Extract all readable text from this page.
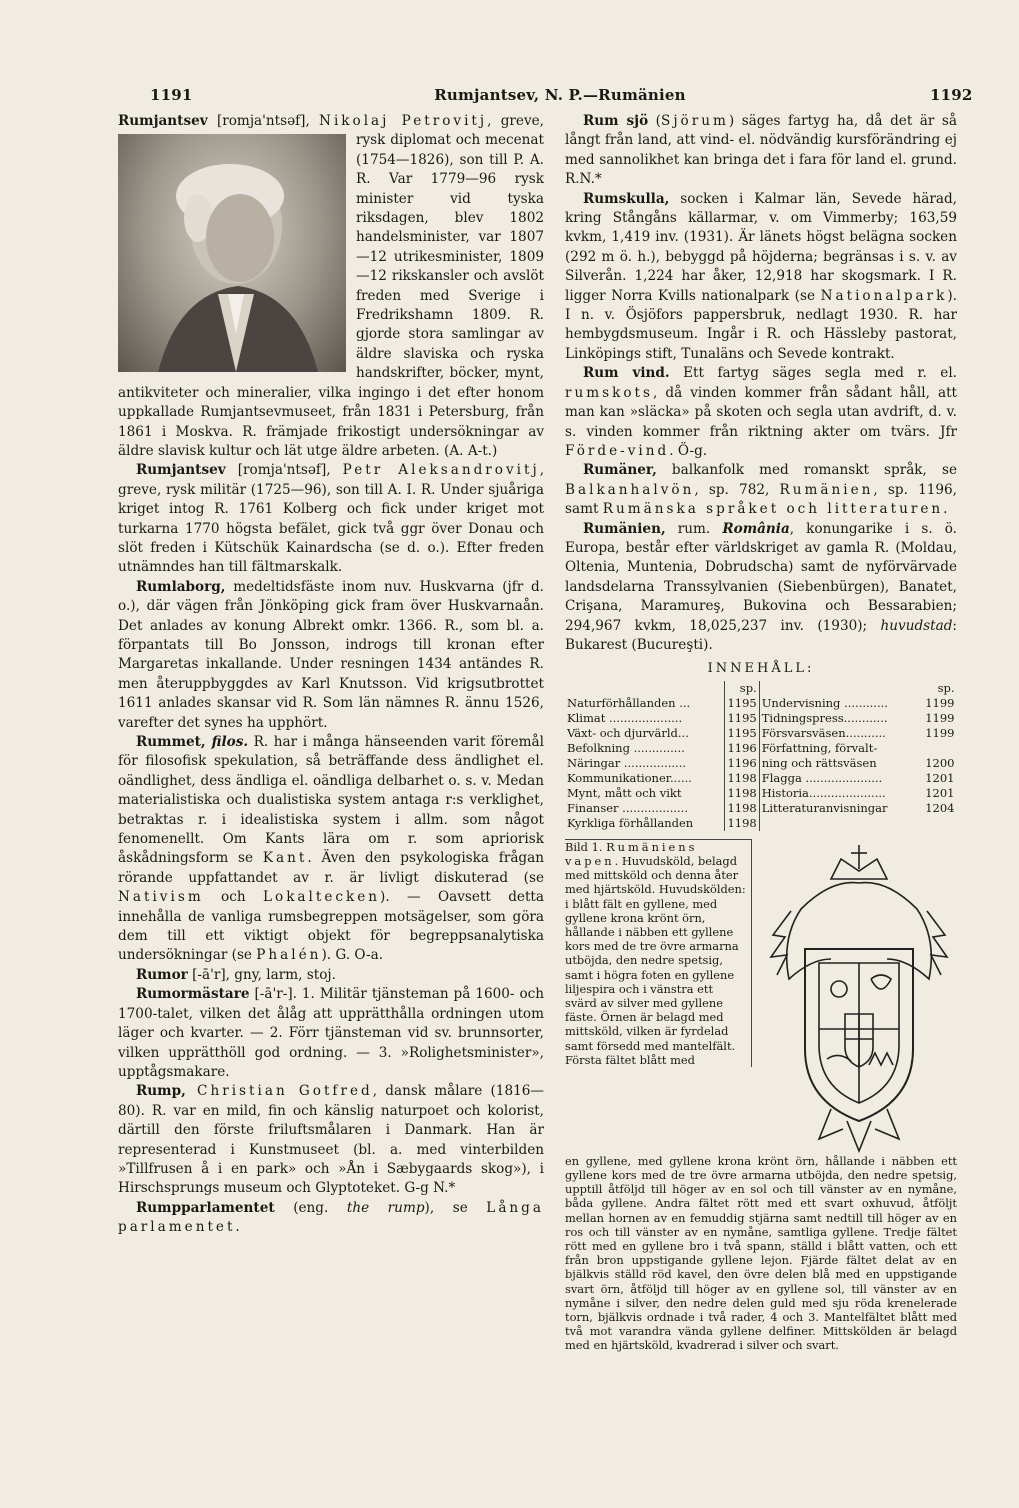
1191	Rumjantsev, N. P.—Rumänien	1192

Rumjantsev [romja'ntsəf], Nikolaj Petrovitj
, greve, rysk diplomat och mecenat (1754—1826), son till P. A. R. Var 1779—96 rysk minister vid tyska riksdagen, blev 1802 handelsminister, var 1807—12 utrikesminister, 1809—12 rikskansler och avslöt freden med Sverige i Fredrikshamn 1809. R. gjorde stora samlingar av äldre slaviska och ryska handskrifter, böcker, mynt, antikviteter och mineralier, vilka ingingo i det efter honom uppkallade Rumjantsevmuseet, från 1831 i Petersburg, från 1861 i Moskva. R. främjade frikostigt undersökningar av äldre slavisk kultur och lät utge äldre arbeten. (A. A-t.)

Rumjantsev [romja'ntsəf], Petr Aleksandrovitj, greve, rysk militär (1725—96), son till A. I. R. Under sjuåriga kriget intog R. 1761 Kolberg och fick under kriget mot turkarna 1770 högsta befälet, gick två ggr över Donau och slöt freden i Kütschük Kainardscha (se d. o.). Efter freden utnämndes han till fältmarskalk.

Rumlaborg, medeltidsfäste inom nuv. Huskvarna (jfr d. o.), där vägen från Jönköping gick fram över Huskvarnaån. Det anlades av konung Albrekt omkr. 1366. R., som bl. a. förpantats till Bo Jonsson, indrogs till kronan efter Margaretas inkallande. Under resningen 1434 antändes R. men återuppbyggdes av Karl Knutsson. Vid krigsutbrottet 1611 anlades skansar vid R. Som län nämnes R. ännu 1526, varefter det synes ha upphört.

Rummet, filos. R. har i många hänseenden varit föremål för filosofisk spekulation, så beträffande dess ändlighet el. oändlighet, dess ändliga el. oändliga delbarhet o. s. v. Medan materialistiska och dualistiska system antaga r:s verklighet, betraktas r. i idealistiska system i allm. som något fenomenellt. Om Kants lära om r. som apriorisk åskådningsform se Kant. Även den psykologiska frågan rörande uppfattandet av r. är livligt diskuterad (se Nativism och Lokaltecken). — Oavsett detta innehålla de vanliga rumsbegreppen motsägelser, som göra dem till ett viktigt objekt för begreppsanalytiska undersökningar (se Phalén). G. O-a.

Rumor [-ā'r], gny, larm, stoj.

Rumormästare [-ā'r-]. 1. Militär tjänsteman på 1600- och 1700-talet, vilken det ålåg att upprätthålla ordningen utom läger och kvarter. — 2. Förr tjänsteman vid sv. brunnsorter, vilken upprätthöll god ordning. — 3. »Rolighetsminister», upptågsmakare.

Rump, Christian Gotfred, dansk målare (1816—80). R. var en mild, fin och känslig naturpoet och kolorist, därtill den förste friluftsmålaren i Danmark. Han är representerad i Kunstmuseet (bl. a. med vinterbilden »Tillfrusen å i en park» och »Ån i Sæbygaards skog»), i Hirschsprungs museum och Glyptoteket. G-g N.*

Rumpparlamentet (eng. the rump), se Långa parlamentet.

Rum sjö (Sjörum) säges fartyg ha, då det är så långt från land, att vind- el. nödvändig kursförändring ej med sannolikhet kan bringa det i fara för land el. grund. R.N.*

Rumskulla, socken i Kalmar län, Sevede härad, kring Stångåns källarmar, v. om Vimmerby; 163,59 kvkm, 1,419 inv. (1931). Är länets högst belägna socken (292 m ö. h.), bebyggd på höjderna; begränsas i s. v. av Silverån. 1,224 har åker, 12,918 har skogsmark. I R. ligger Norra Kvills nationalpark (se Nationalpark). I n. v. Ösjöfors pappersbruk, nedlagt 1930. R. har hembygdsmuseum. Ingår i R. och Hässleby pastorat, Linköpings stift, Tunaläns och Sevede kontrakt.

Rum vind. Ett fartyg säges segla med r. el. rumskots, då vinden kommer från sådant håll, att man kan »släcka» på skoten och segla utan avdrift, d. v. s. vinden kommer från riktning akter om tvärs. Jfr Förde-vind. Ö-g.

Rumäner, balkanfolk med romanskt språk, se Balkanhalvön, sp. 782, Rumänien, sp. 1196, samt Rumänska språket och litteraturen.

Rumänien, rum. România, konungarike i s. ö. Europa, består efter världskriget av gamla R. (Moldau, Oltenia, Muntenia, Dobrudscha) samt de nyförvärvade landsdelarna Transsylvanien (Siebenbürgen), Banatet, Crişana, Maramureş, Bukovina och Bessarabien; 294,967 kvkm, 18,025,237 inv. (1930); huvudstad: Bukarest (Bucureşti).

INNEHÅLL:
	sp.		sp.
Naturförhållanden ...	1195	Undervisning ............	1199
Klimat ....................	1195	Tidningspress............	1199
Växt- och djurvärld...	1195	Försvarsväsen...........	1199
Befolkning ..............	1196	Författning, förvalt-	
Näringar .................	1196	ning och rättsväsen	1200
Kommunikationer......	1198	Flagga .....................	1201
Mynt, mått och vikt	1198	Historia.....................	1201
Finanser ..................	1198	Litteraturanvisningar	1204
Kyrkliga förhållanden	1198		
Bild 1. Rumäniens vapen. Huvudsköld, belagd med mittsköld och denna åter med hjärtsköld. Huvudskölden: i blått fält en gyllene, med gyllene krona krönt örn, hållande i näbben ett gyllene kors med de tre övre armarna utböjda, den nedre spetsig, samt i högra foten en gyllene liljespira och i vänstra ett svärd av silver med gyllene fäste. Örnen är belagd med mittsköld, vilken är fyrdelad samt försedd med mantelfält. Första fältet blått med
en gyllene, med gyllene krona krönt örn, hållande i näbben ett gyllene kors med de tre övre armarna utböjda, den nedre spetsig, upptill åtföljd till höger av en sol och till vänster av en nymåne, båda gyllene. Andra fältet rött med ett svart oxhuvud, åtföljt mellan hornen av en femuddig stjärna samt nedtill till höger av en ros och till vänster av en nymåne, samtliga gyllene. Tredje fältet rött med en gyllene bro i två spann, ställd i blått vatten, och ett från bron uppstigande gyllene lejon. Fjärde fältet delat av en bjälkvis ställd röd kavel, den övre delen blå med en uppstigande svart örn, åtföljd till höger av en gyllene sol, till vänster av en nymåne i silver, den nedre delen guld med sju röda krenelerade torn, bjälkvis ordnade i två rader, 4 och 3. Mantelfältet blått med två mot varandra vända gyllene delfiner. Mittskölden är belagd med en hjärtsköld, kvadrerad i silver och svart.
